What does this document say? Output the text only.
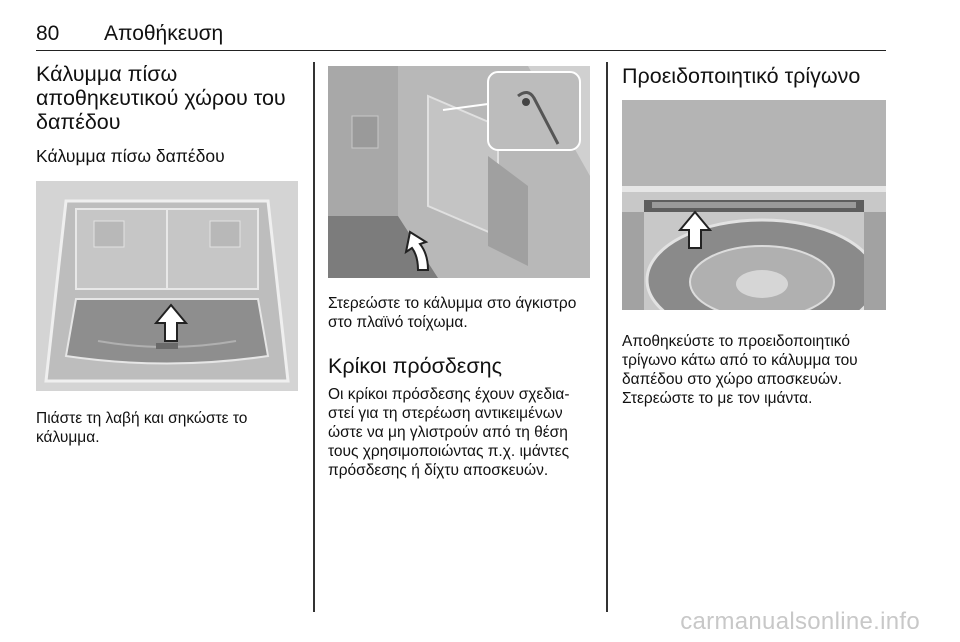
80 Αποθήκευση
Κάλυμμα πίσω αποθηκευτικού χώρου του δαπέδου
Κάλυμμα πίσω δαπέδου

Πιάστε τη λαβή και σηκώστε το κάλυμμα.

Στερεώστε το κάλυμμα στο άγκιστρο στο πλαϊνό τοίχωμα.

Κρίκοι πρόσδεσης

Οι κρίκοι πρόσδεσης έχουν σχεδιαστεί για τη στερέωση αντικειμένων ώστε να μη γλιστρούν από τη θέση τους χρησιμοποιώντας π.χ. ιμάντες πρόσδεσης ή δίχτυ αποσκευών.

Προειδοποιητικό τρίγωνο

Αποθηκεύστε το προειδοποιητικό τρίγωνο κάτω από το κάλυμμα του δαπέδου στο χώρο αποσκευών. Στερεώστε το με τον ιμάντα.

carmanualsonline.info
